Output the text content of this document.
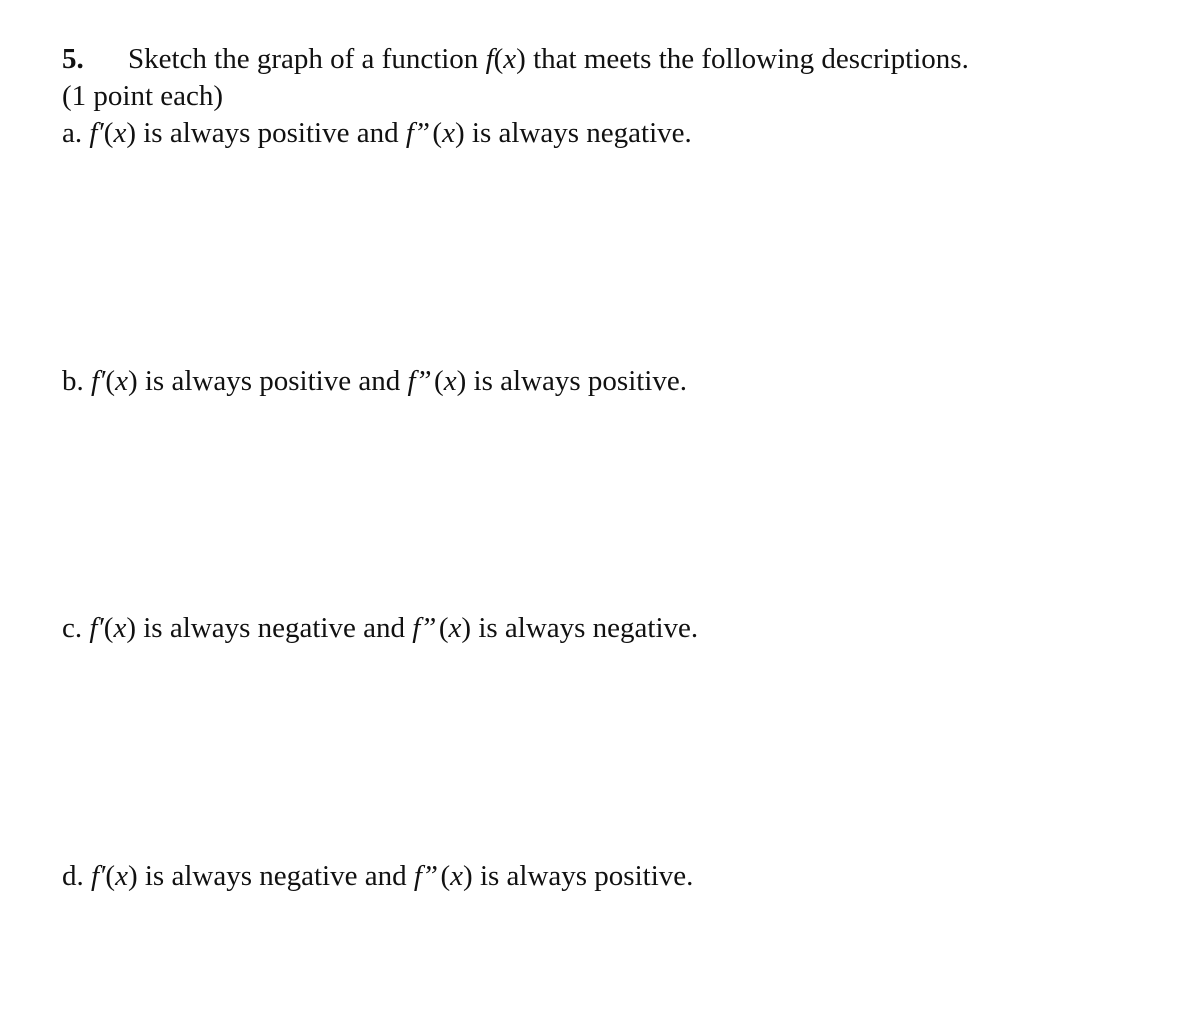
5. Sketch the graph of a function f(x) that meets the following descriptions.
(1 point each)
a. f′(x) is always positive and f” (x) is always negative.
b. f′(x) is always positive and f” (x) is always positive.
c. f′(x) is always negative and f” (x) is always negative.
d. f′(x) is always negative and f” (x) is always positive.
